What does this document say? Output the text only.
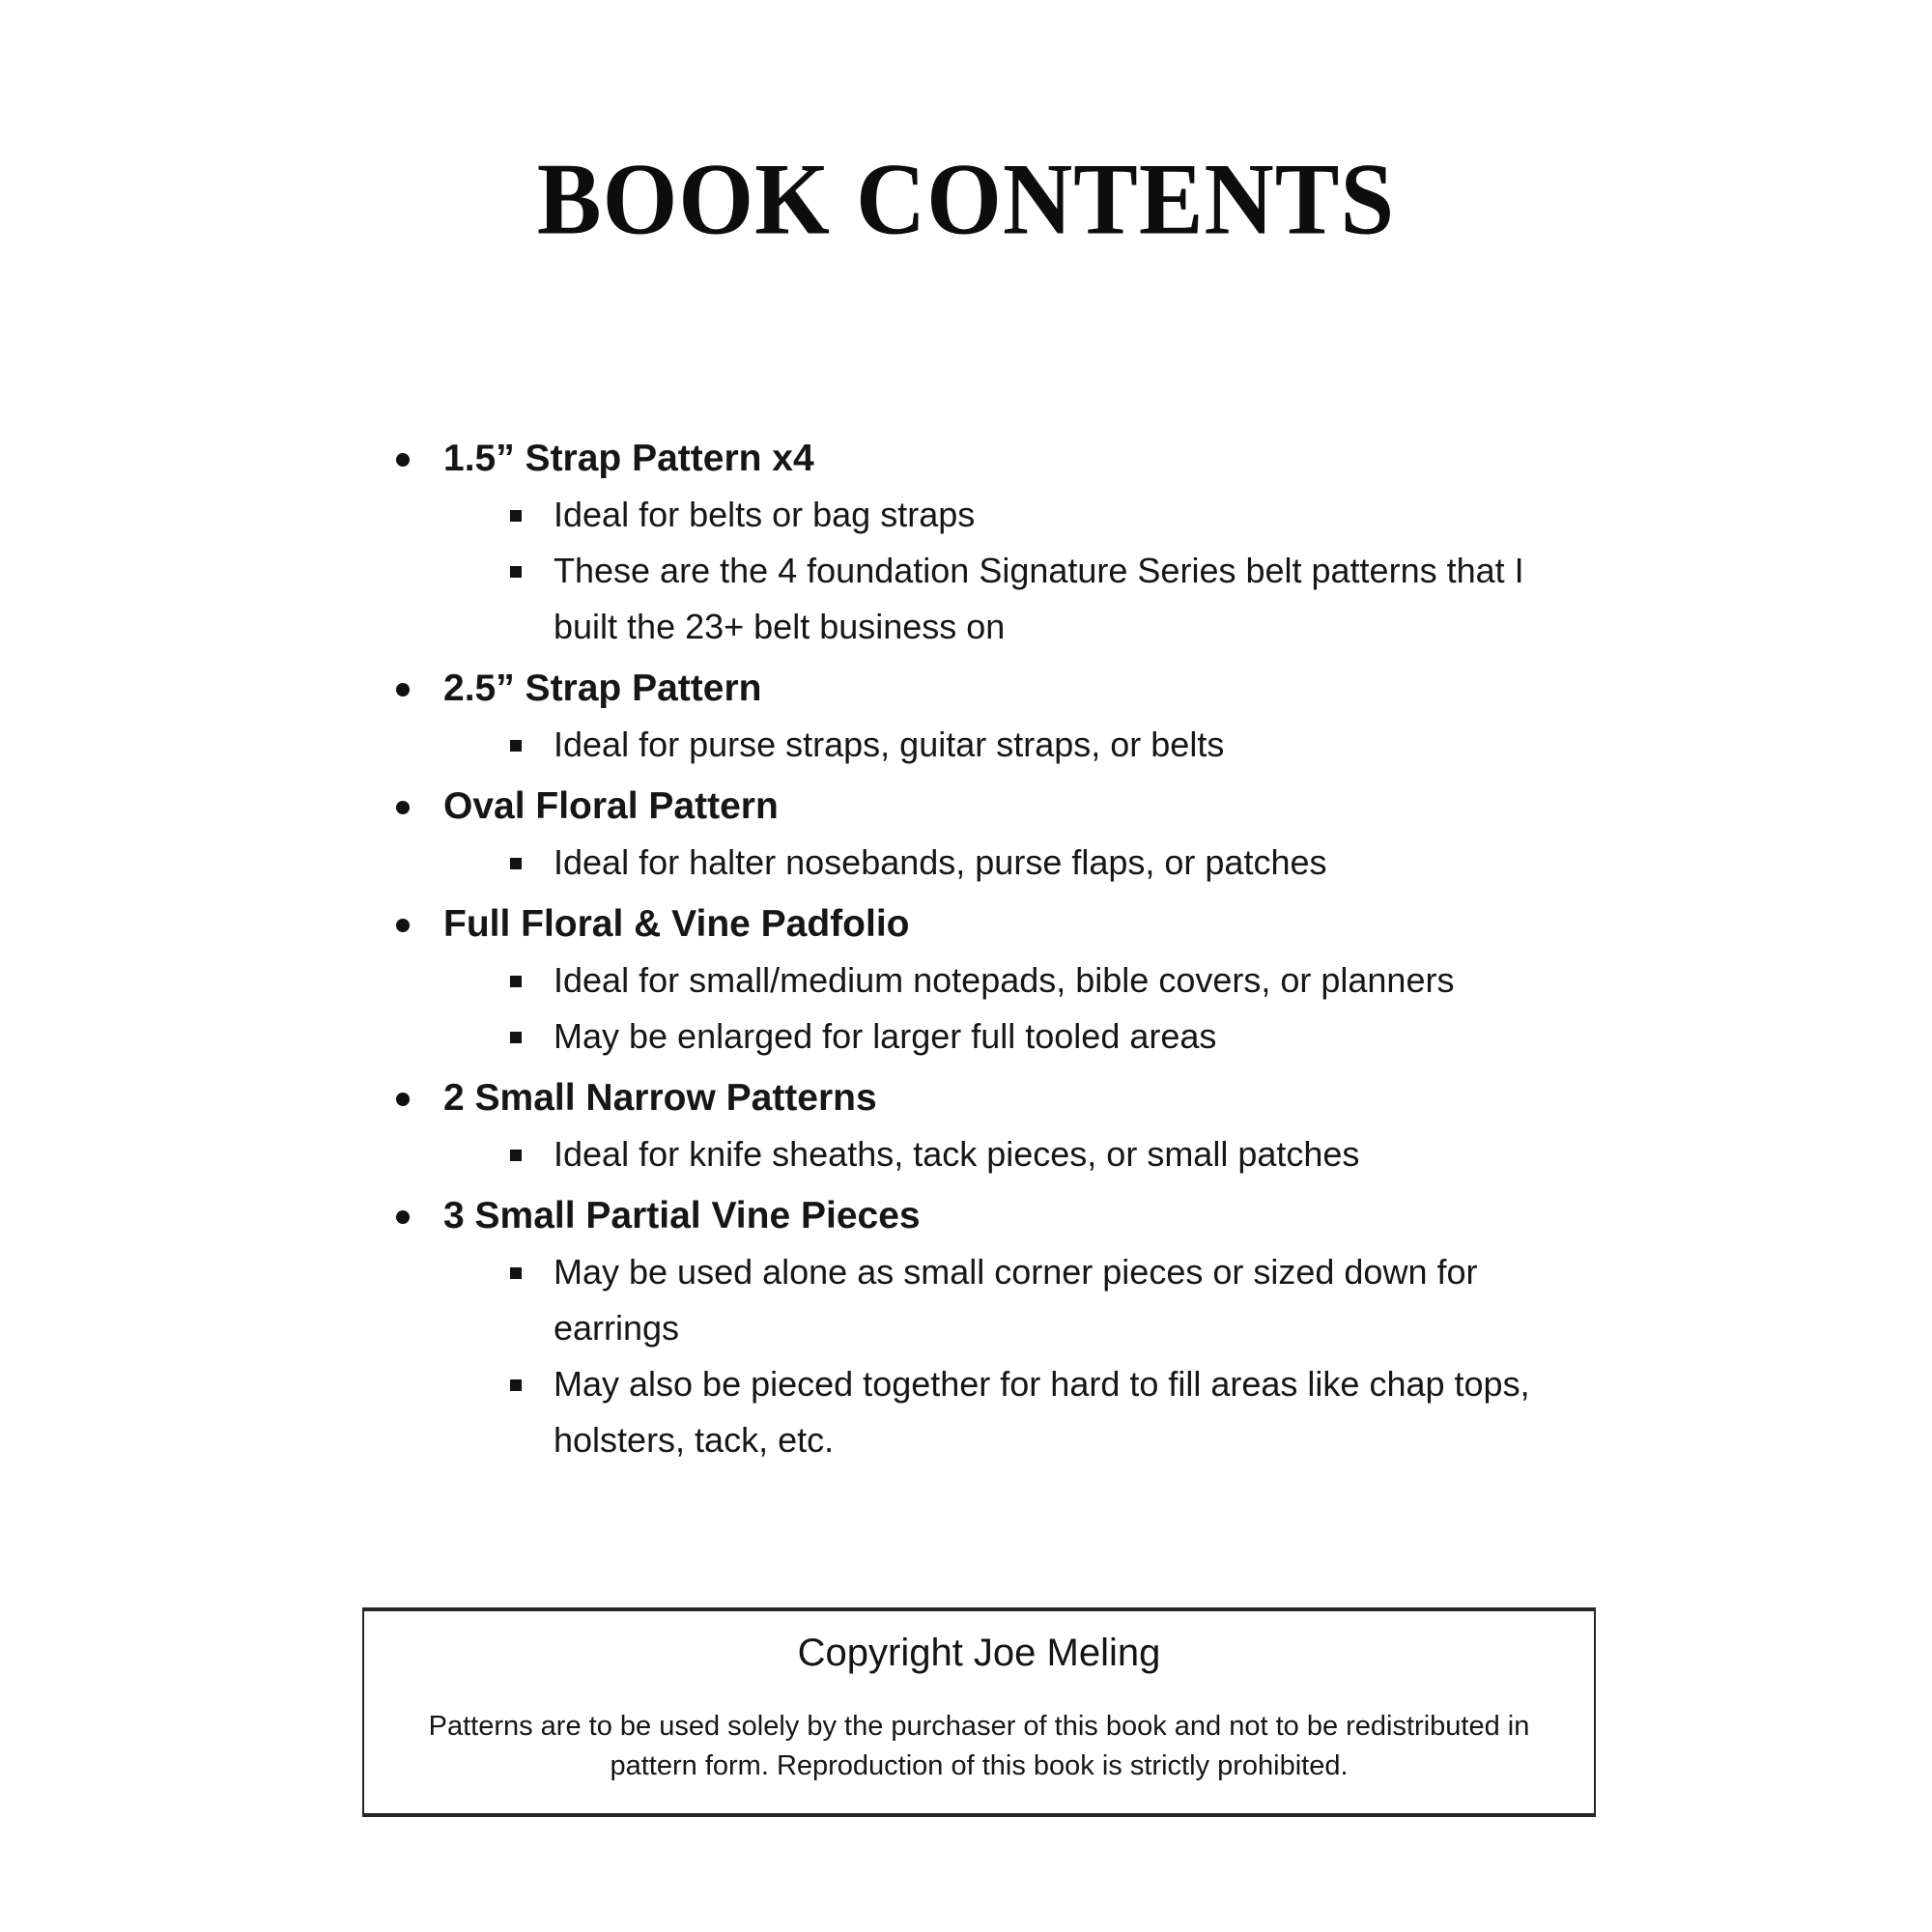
BOOK CONTENTS
1.5” Strap Pattern x4
Ideal for belts or bag straps
These are the 4 foundation Signature Series belt patterns that I built the 23+ belt business on
2.5” Strap Pattern
Ideal for purse straps, guitar straps, or belts
Oval Floral Pattern
Ideal for halter nosebands, purse flaps, or patches
Full Floral & Vine Padfolio
Ideal for small/medium notepads, bible covers, or planners
May be enlarged for larger full tooled areas
2 Small Narrow Patterns
Ideal for knife sheaths, tack pieces, or small patches
3 Small Partial Vine Pieces
May be used alone as small corner pieces or sized down for earrings
May also be pieced together for hard to fill areas like chap tops, holsters, tack, etc.
Copyright Joe Meling
Patterns are to be used solely by the purchaser of this book and not to be redistributed in pattern form. Reproduction of this book is strictly prohibited.
